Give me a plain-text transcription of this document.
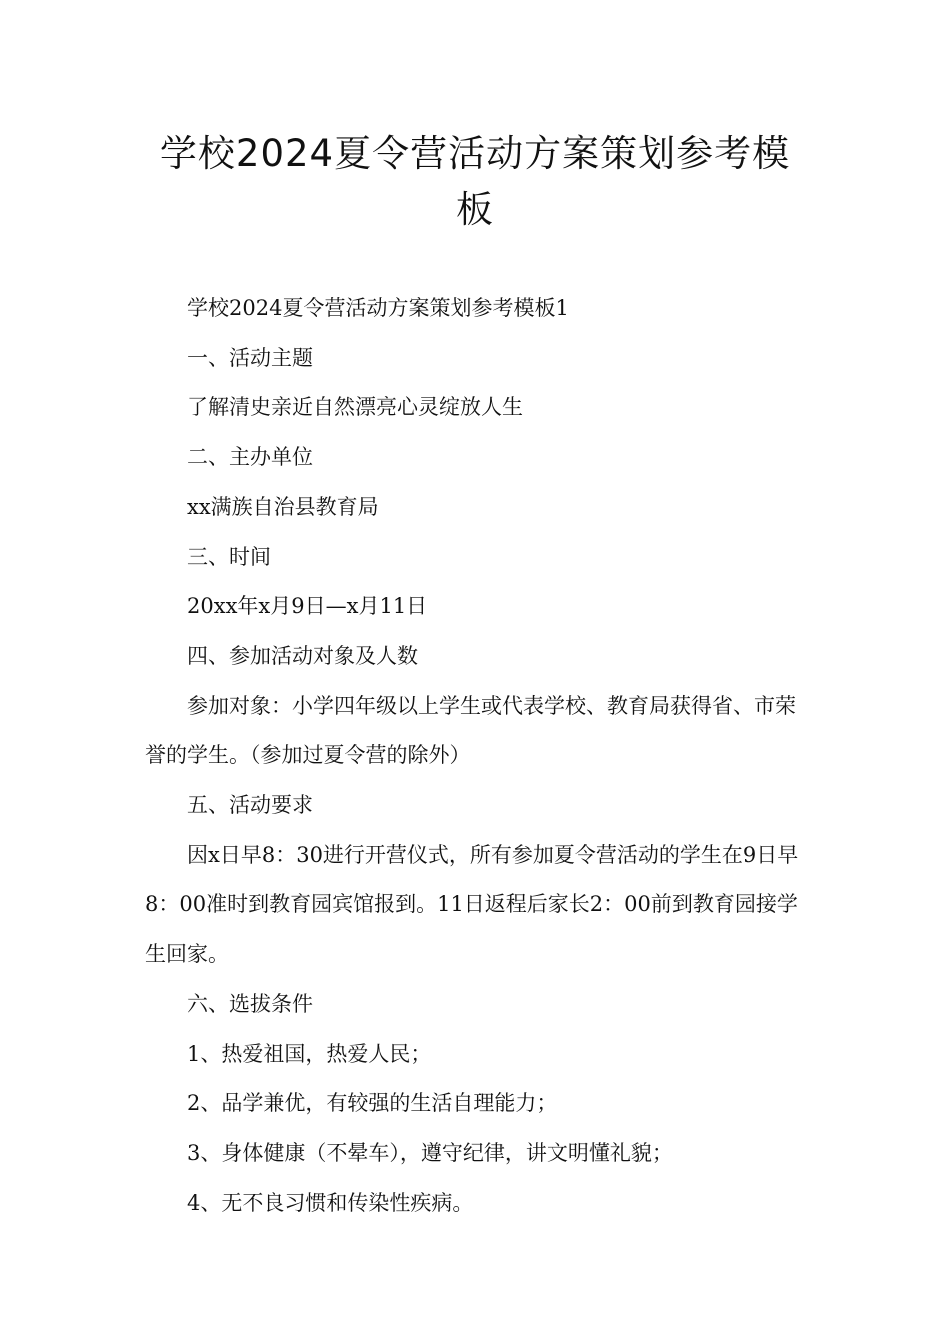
学校2024夏令营活动方案策划参考模板

学校2024夏令营活动方案策划参考模板1

一、活动主题

了解清史亲近自然漂亮心灵绽放人生

二、主办单位

xx满族自治县教育局

三、时间

20xx年x月9日—x月11日

四、参加活动对象及人数

参加对象：小学四年级以上学生或代表学校、教育局获得省、市荣誉的学生。（参加过夏令营的除外）

五、活动要求

因x日早8：30进行开营仪式，所有参加夏令营活动的学生在9日早8：00准时到教育园宾馆报到。11日返程后家长2：00前到教育园接学生回家。

六、选拔条件

1、热爱祖国，热爱人民；

2、品学兼优，有较强的生活自理能力；

3、身体健康（不晕车），遵守纪律，讲文明懂礼貌；

4、无不良习惯和传染性疾病。
